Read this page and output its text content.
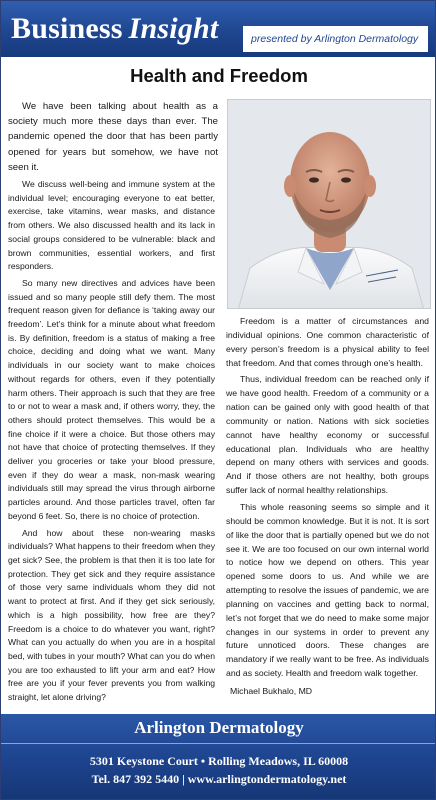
Business Insight	presented by Arlington Dermatology
Health and Freedom

We have been talking about health as a society much more these days than ever. The pandemic opened the door that has been partly opened for years but somehow, we have not seen it.

We discuss well-being and immune system at the individual level; encouraging everyone to eat better, exercise, take vitamins, wear masks, and distance from others. We also discussed health and its lack in social groups considered to be vulnerable: black and brown communities, essential workers, and first responders.

So many new directives and advices have been issued and so many people still defy them. The most frequent reason given for defiance is ‘taking away our freedom’. Let’s think for a minute about what freedom is. By definition, freedom is a status of making a free choice, deciding and doing what we want. Many individuals in our society want to make choices without regards for others, even if they potentially harm others. Their approach is such that they are free to or not to wear a mask and, if others worry, they, the others should protect themselves. This would be a fine choice if it were a choice. But those others may not have that choice of protecting themselves. If they deliver you groceries or take your blood pressure, even if they do wear a mask, non-mask wearing individuals still may spread the virus through airborne particles around. And those particles travel, often far beyond 6 feet. So, there is no choice of protection.

And how about these non-wearing masks individuals? What happens to their freedom when they get sick? See, the problem is that then it is too late for protection. They get sick and they require assistance of those very same individuals whom they did not want to protect at first. And if they get sick seriously, which is a high possibility, how free are they? Freedom is a choice to do whatever you want, right? What can you actually do when you are in a hospital bed, with tubes in your mouth? What can you do when you are too exhausted to lift your arm and eat? How free are you if your fever prevents you from walking straight, let alone driving?

Freedom is a matter of circumstances and individual opinions. One common characteristic of every person’s freedom is a physical ability to feel that freedom. And that comes through one’s health.

Thus, individual freedom can be reached only if we have good health. Freedom of a community or a nation can be gained only with good health of that community or nation. Nations with sick societies cannot have healthy economy or successful educational plan. Individuals who are healthy depend on many others with services and goods. And if those others are not healthy, both groups suffer lack of normal healthy relationships.

This whole reasoning seems so simple and it should be common knowledge. But it is not. It is sort of like the door that is partially opened but we do not see it. We are too focused on our own internal world to notice how we depend on others. This year opened some doors to us. And while we are attempting to resolve the issues of pandemic, we are planning on vaccines and getting back to normal, let’s not forget that we do need to make some major changes in our systems in order to prevent any future unnoticed doors. These changes are mandatory if we really want to be free. As individuals and as society. Health and freedom walk together.

Michael Bukhalo, MD

Arlington Dermatology
5301 Keystone Court • Rolling Meadows, IL 60008
Tel. 847 392 5440 | www.arlingtondermatology.net
